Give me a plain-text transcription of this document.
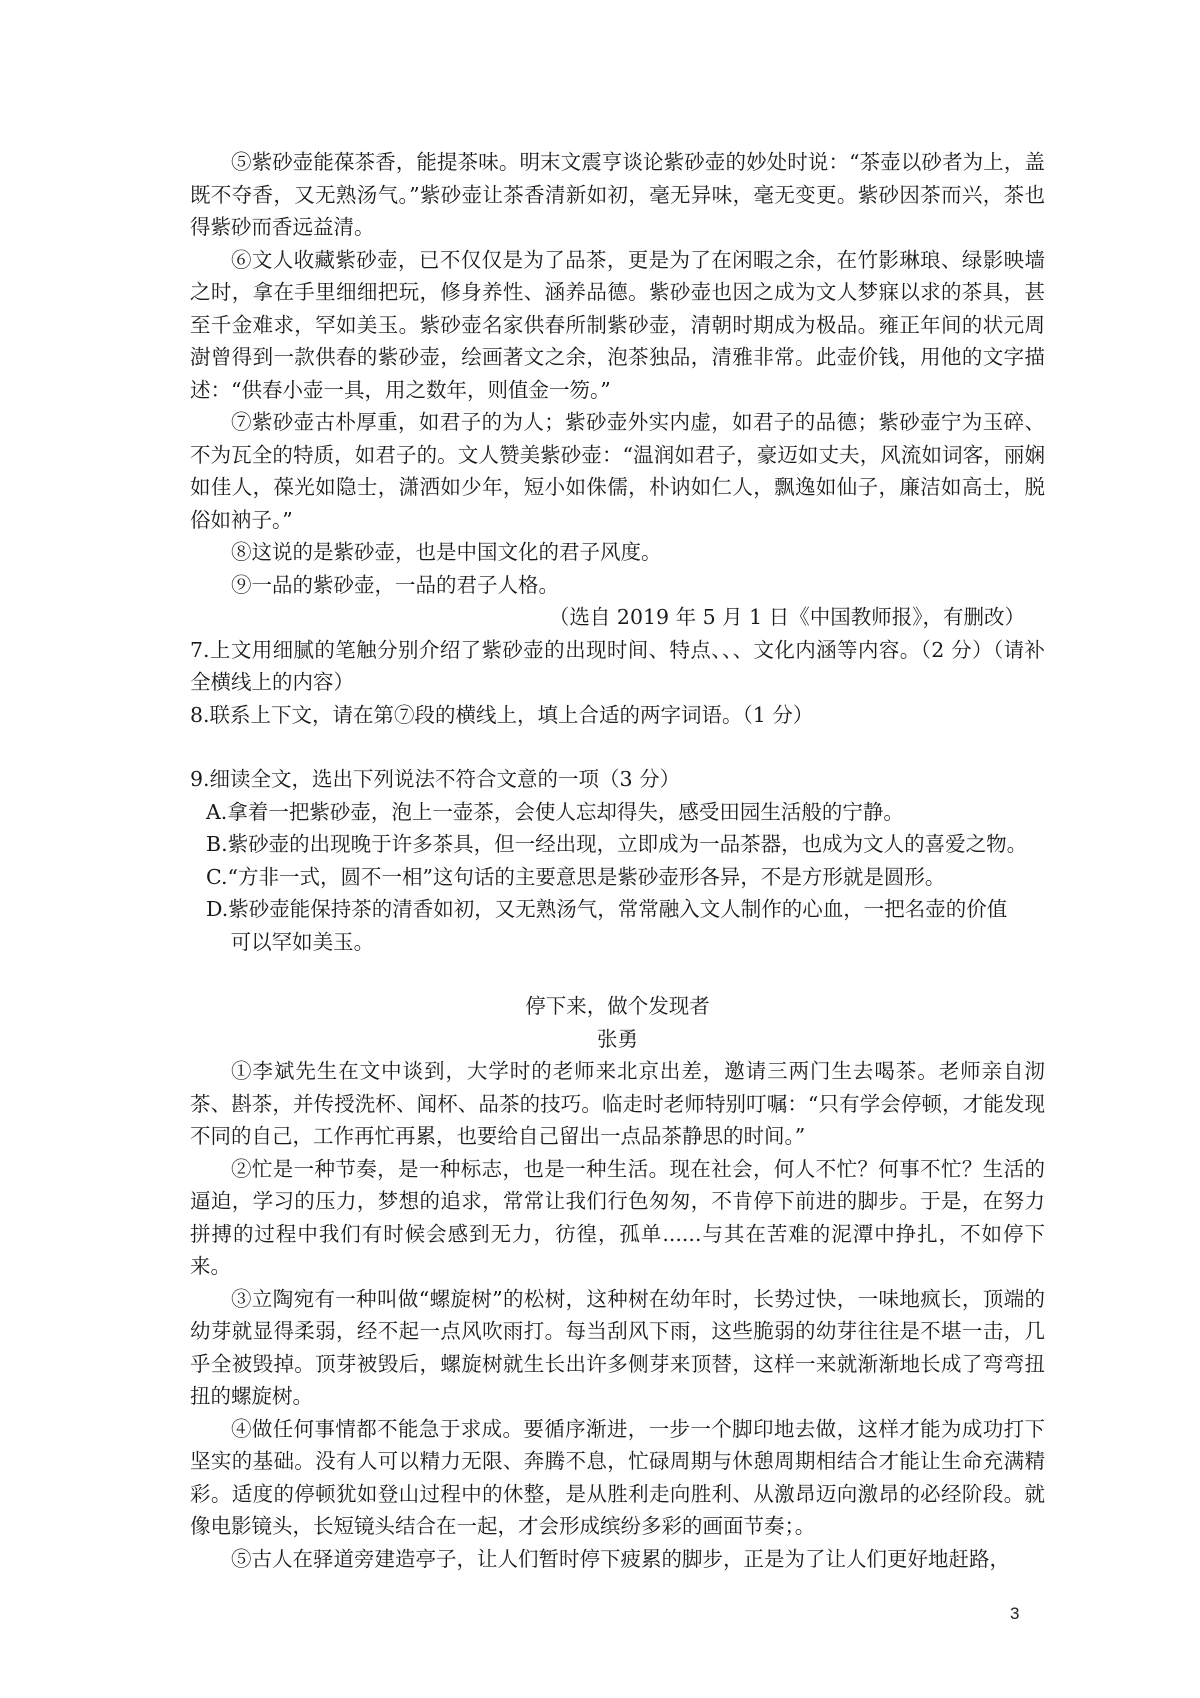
⑤紫砂壶能葆茶香，能提茶味。明末文震亨谈论紫砂壶的妙处时说：“茶壶以砂者为上，盖既不夺香，又无熟汤气。”紫砂壶让茶香清新如初，毫无异味，毫无变更。紫砂因茶而兴，茶也得紫砂而香远益清。

⑥文人收藏紫砂壶，已不仅仅是为了品茶，更是为了在闲暇之余，在竹影琳琅、绿影映墙之时，拿在手里细细把玩，修身养性、涵养品德。紫砂壶也因之成为文人梦寐以求的茶具，甚至千金难求，罕如美玉。紫砂壶名家供春所制紫砂壶，清朝时期成为极品。雍正年间的状元周澍曾得到一款供春的紫砂壶，绘画著文之余，泡茶独品，清雅非常。此壶价钱，用他的文字描述：“供春小壶一具，用之数年，则值金一笏。”

⑦紫砂壶古朴厚重，如君子的为人；紫砂壶外实内虚，如君子的品德；紫砂壶宁为玉碎、不为瓦全的特质，如君子的。文人赞美紫砂壶：“温润如君子，豪迈如丈夫，风流如词客，丽娴如佳人，葆光如隐士，潇洒如少年，短小如侏儒，朴讷如仁人，飘逸如仙子，廉洁如高士，脱俗如衲子。”

⑧这说的是紫砂壶，也是中国文化的君子风度。

⑨一品的紫砂壶，一品的君子人格。

（选自 2019 年 5 月 1 日《中国教师报》，有删改）

7.上文用细腻的笔触分别介绍了紫砂壶的出现时间、特点、、、文化内涵等内容。（2 分）（请补全横线上的内容）

8.联系上下文，请在第⑦段的横线上，填上合适的两字词语。（1 分）

9.细读全文，选出下列说法不符合文意的一项（3 分）

A.拿着一把紫砂壶，泡上一壶茶，会使人忘却得失，感受田园生活般的宁静。

B.紫砂壶的出现晚于许多茶具，但一经出现，立即成为一品茶器，也成为文人的喜爱之物。

C.“方非一式，圆不一相”这句话的主要意思是紫砂壶形各异，不是方形就是圆形。

D.紫砂壶能保持茶的清香如初，又无熟汤气，常常融入文人制作的心血，一把名壶的价值

可以罕如美玉。

停下来，做个发现者

张勇

①李斌先生在文中谈到，大学时的老师来北京出差，邀请三两门生去喝茶。老师亲自沏茶、斟茶，并传授洗杯、闻杯、品茶的技巧。临走时老师特别叮嘱：“只有学会停顿，才能发现不同的自己，工作再忙再累，也要给自己留出一点品茶静思的时间。”

②忙是一种节奏，是一种标志，也是一种生活。现在社会，何人不忙？何事不忙？生活的逼迫，学习的压力，梦想的追求，常常让我们行色匆匆，不肯停下前进的脚步。于是，在努力拼搏的过程中我们有时候会感到无力，彷徨，孤单......与其在苦难的泥潭中挣扎，不如停下来。

③立陶宛有一种叫做“螺旋树”的松树，这种树在幼年时，长势过快，一味地疯长，顶端的幼芽就显得柔弱，经不起一点风吹雨打。每当刮风下雨，这些脆弱的幼芽往往是不堪一击，几乎全被毁掉。顶芽被毁后，螺旋树就生长出许多侧芽来顶替，这样一来就渐渐地长成了弯弯扭扭的螺旋树。

④做任何事情都不能急于求成。要循序渐进，一步一个脚印地去做，这样才能为成功打下坚实的基础。没有人可以精力无限、奔腾不息，忙碌周期与休憩周期相结合才能让生命充满精彩。适度的停顿犹如登山过程中的休整，是从胜利走向胜利、从激昂迈向激昂的必经阶段。就像电影镜头，长短镜头结合在一起，才会形成缤纷多彩的画面节奏；。

⑤古人在驿道旁建造亭子，让人们暂时停下疲累的脚步，正是为了让人们更好地赶路，

3
